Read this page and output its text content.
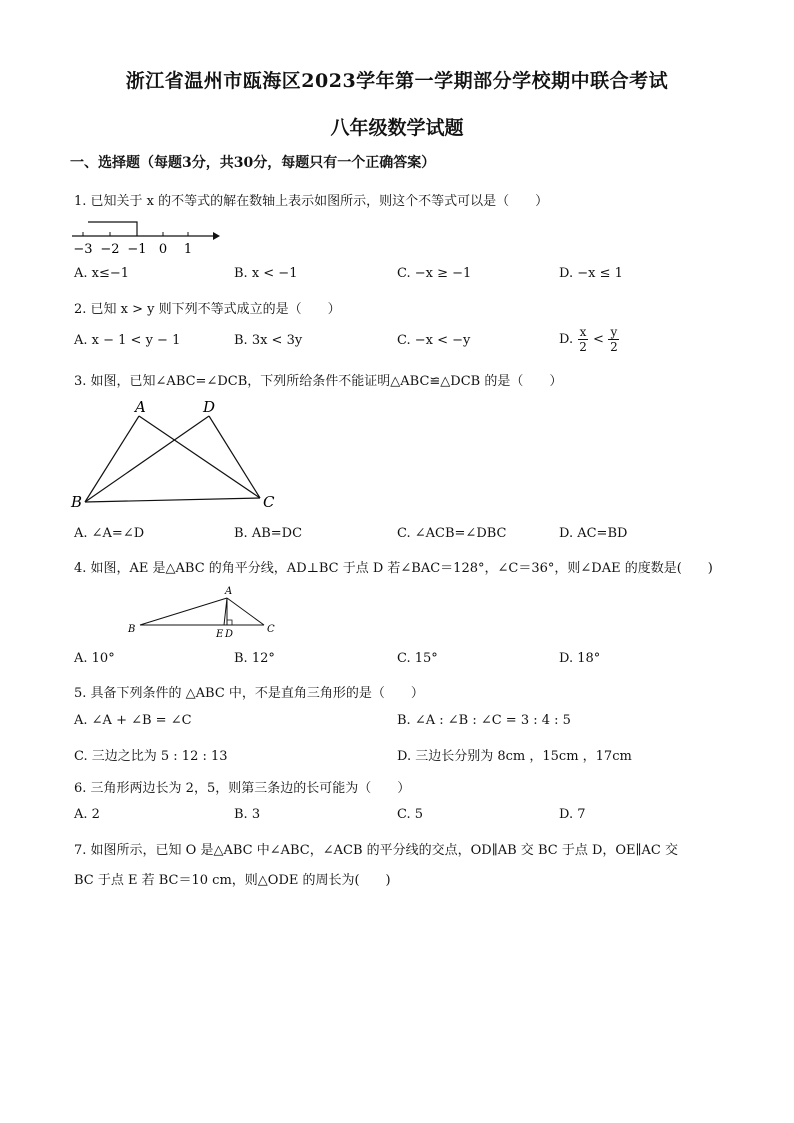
浙江省温州市瓯海区2023学年第一学期部分学校期中联合考试
八年级数学试题
一、选择题（每题3分，共30分，每题只有一个正确答案）
1. 已知关于 x 的不等式的解在数轴上表示如图所示，则这个不等式可以是（　　）
−3 −2 −1 0 1
A. x≤−1	B. x < −1	C. −x ≥ −1	D. −x ≤ 1
2. 已知 x > y 则下列不等式成立的是（　　）
A. x − 1 < y − 1	B. 3x < 3y	C. −x < −y	D. $\frac{x}{2} < \frac{y}{2}$
3. 如图，已知∠ABC=∠DCB，下列所给条件不能证明△ABC≌△DCB 的是（　　）
A	D
B	C
A. ∠A=∠D	B. AB=DC	C. ∠ACB=∠DBC	D. AC=BD
4. 如图，AE 是△ABC 的角平分线，AD⊥BC 于点 D 若∠BAC＝128°，∠C＝36°，则∠DAE 的度数是(　　)
A
B	E D	C
A. 10°	B. 12°	C. 15°	D. 18°
5. 具备下列条件的 △ABC 中，不是直角三角形的是（　　）
A. ∠A + ∠B = ∠C	B. ∠A : ∠B : ∠C = 3 : 4 : 5
C. 三边之比为 5 : 12 : 13	D. 三边长分别为 8cm ，15cm ，17cm
6. 三角形两边长为 2，5，则第三条边的长可能为（　　）
A. 2	B. 3	C. 5	D. 7
7. 如图所示，已知 O 是△ABC 中∠ABC，∠ACB 的平分线的交点，OD∥AB 交 BC 于点 D，OE∥AC 交
BC 于点 E 若 BC＝10 cm，则△ODE 的周长为(　　)
